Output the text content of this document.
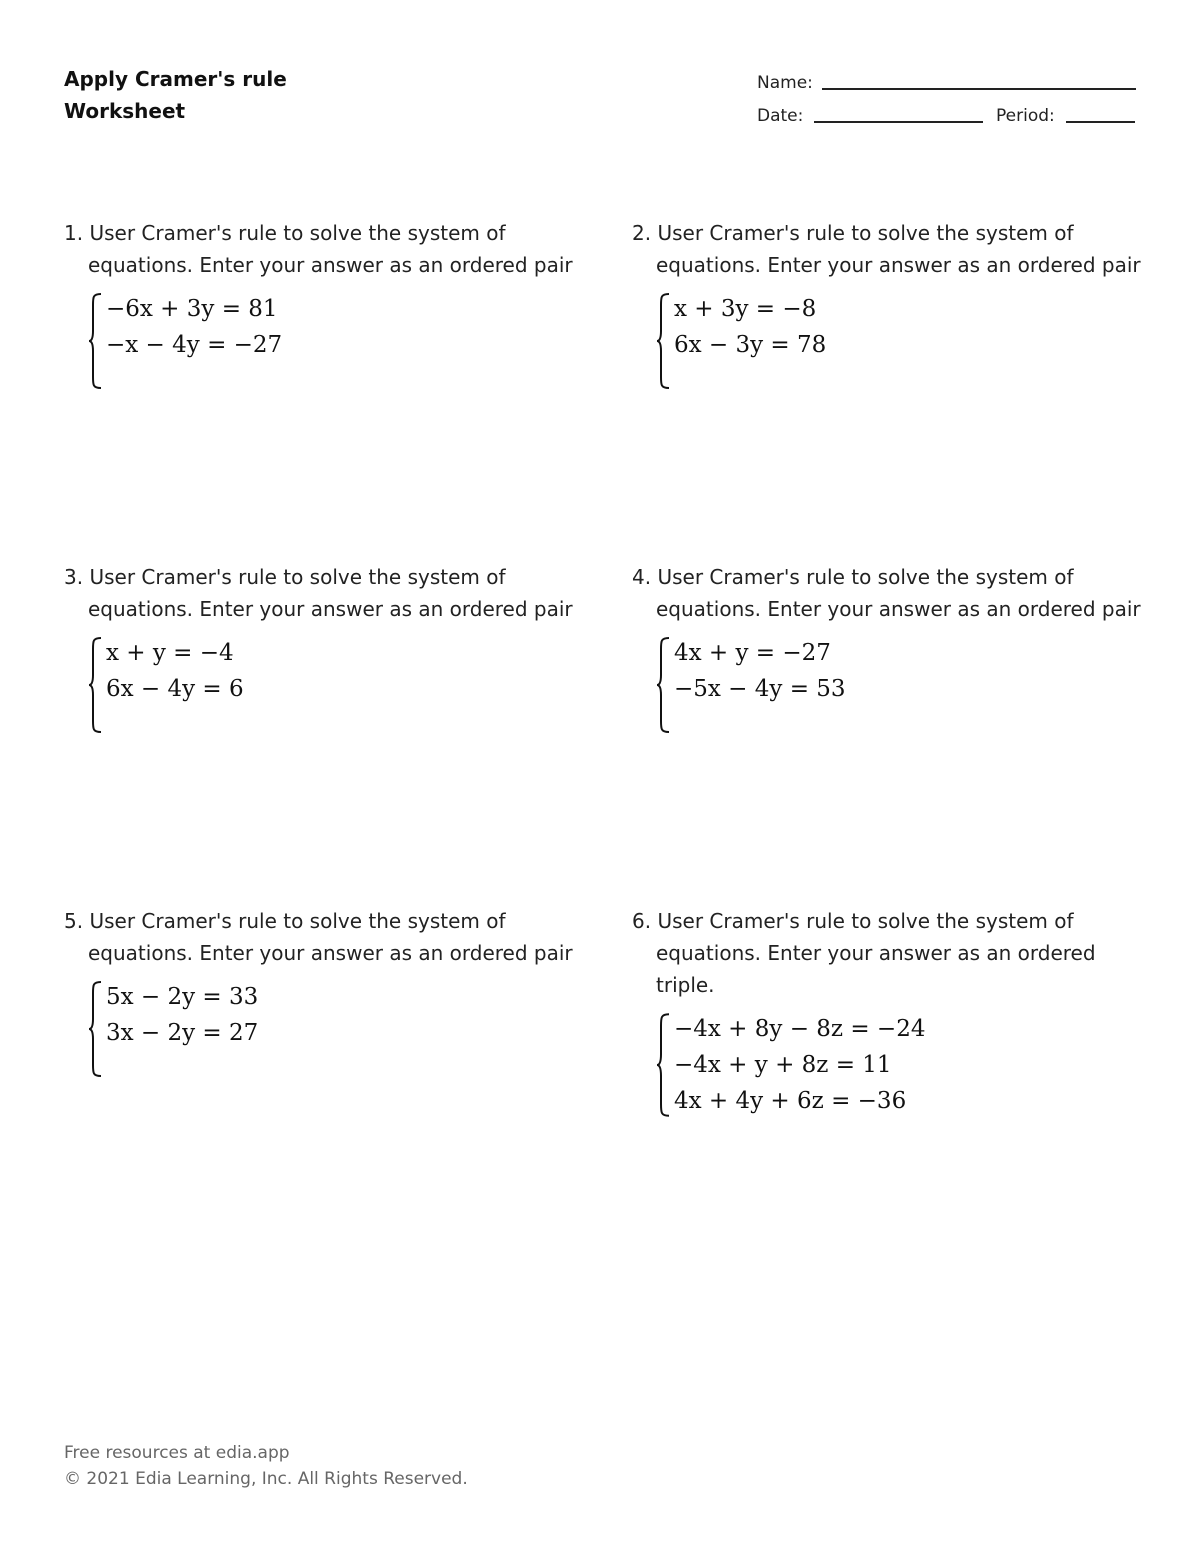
Apply Cramer's rule
Worksheet
Name:
Date:	Period:
1. User Cramer's rule to solve the system of equations. Enter your answer as an ordered pair
−6x + 3y = 81
−x − 4y = −27
2. User Cramer's rule to solve the system of equations. Enter your answer as an ordered pair
x + 3y = −8
6x − 3y = 78
3. User Cramer's rule to solve the system of equations. Enter your answer as an ordered pair
x + y = −4
6x − 4y = 6
4. User Cramer's rule to solve the system of equations. Enter your answer as an ordered pair
4x + y = −27
−5x − 4y = 53
5. User Cramer's rule to solve the system of equations. Enter your answer as an ordered pair
5x − 2y = 33
3x − 2y = 27
6. User Cramer's rule to solve the system of equations. Enter your answer as an ordered triple.
−4x + 8y − 8z = −24
−4x + y + 8z = 11
4x + 4y + 6z = −36
Free resources at edia.app
© 2021 Edia Learning, Inc. All Rights Reserved.
